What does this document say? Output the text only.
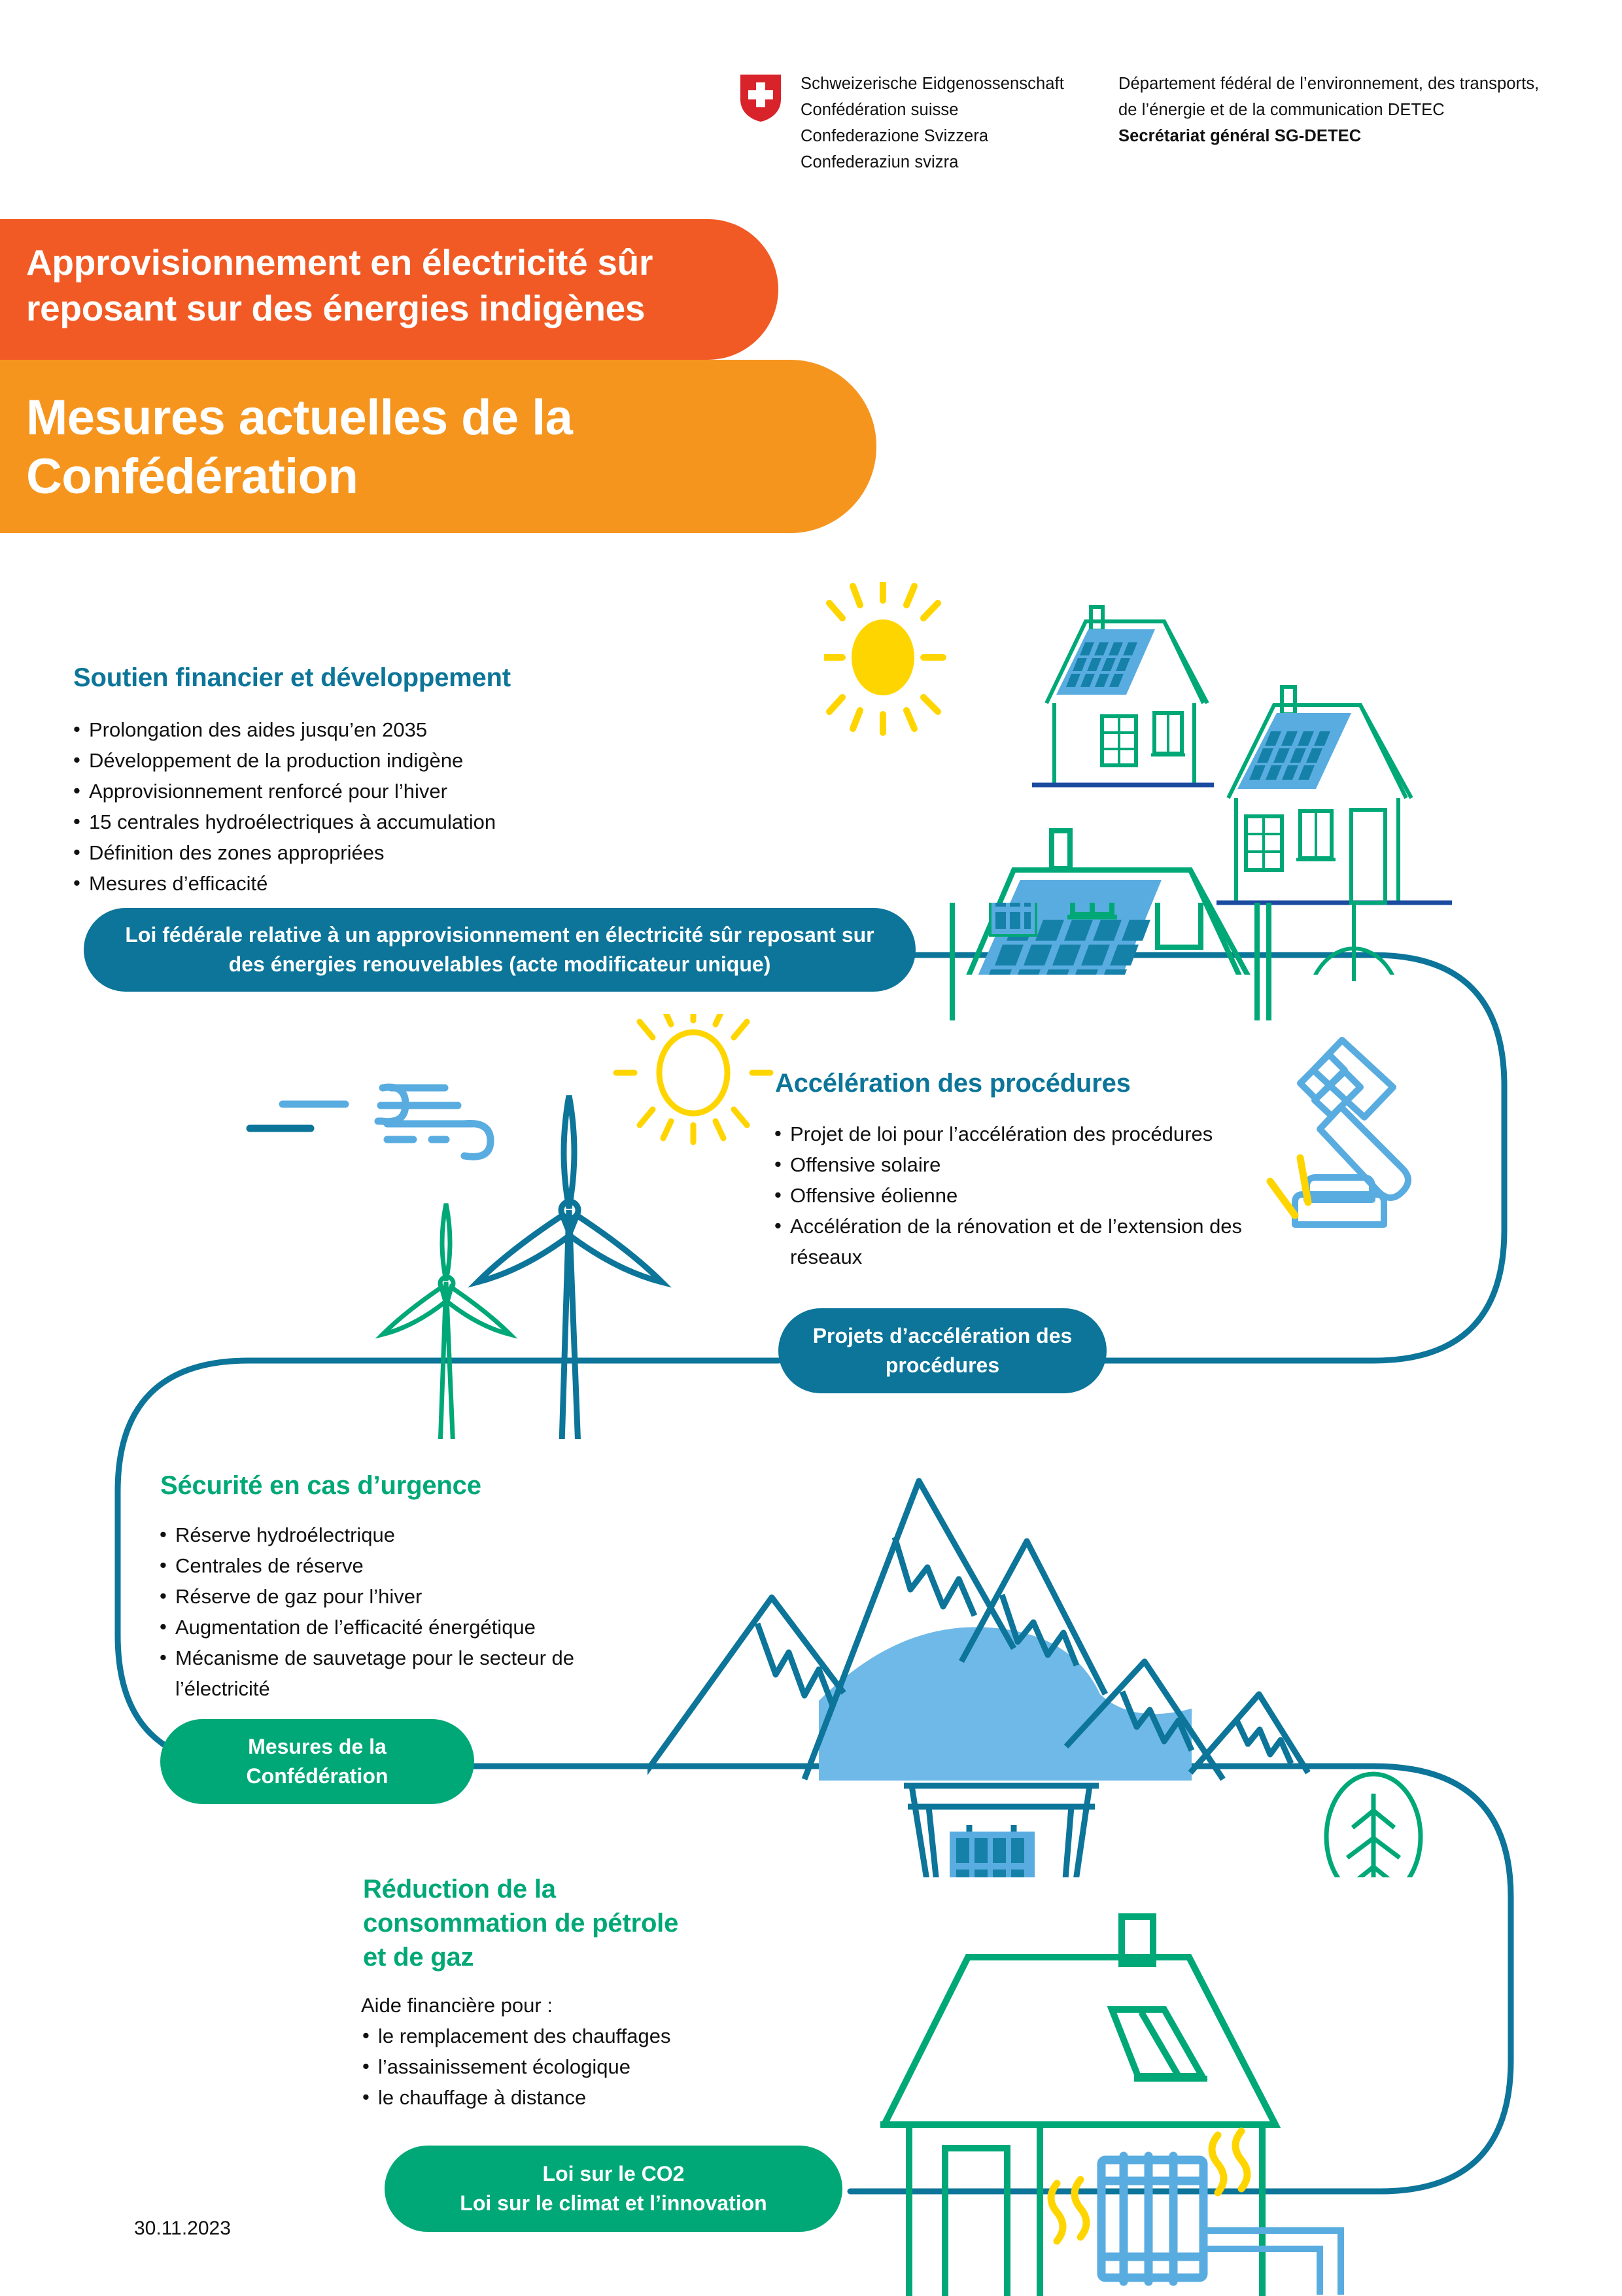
Schweizerische Eidgenossenschaft
Confédération suisse
Confederazione Svizzera
Confederaziun svizra
Département fédéral de l’environnement, des transports,
de l’énergie et de la communication DETEC
Secrétariat général SG-DETEC
Approvisionnement en électricité sûr reposant sur des énergies indigènes
Mesures actuelles de la Confédération
Soutien financier et développement
• Prolongation des aides jusqu’en 2035
• Développement de la production indigène
• Approvisionnement renforcé pour l’hiver
• 15 centrales hydroélectriques à accumulation
• Définition des zones appropriées
• Mesures d’efficacité
Loi fédérale relative à un approvisionnement en électricité sûr reposant sur des énergies renouvelables (acte modificateur unique)
Accélération des procédures
• Projet de loi pour l’accélération des procédures
• Offensive solaire
• Offensive éolienne
• Accélération de la rénovation et de l’extension des réseaux
Projets d’accélération des procédures
Sécurité en cas d’urgence
• Réserve hydroélectrique
• Centrales de réserve
• Réserve de gaz pour l’hiver
• Augmentation de l’efficacité énergétique
• Mécanisme de sauvetage pour le secteur de l’électricité
Mesures de la Confédération
Réduction de la consommation de pétrole et de gaz
Aide financière pour :
• le remplacement des chauffages
• l’assainissement écologique
• le chauffage à distance
Loi sur le CO2
Loi sur le climat et l’innovation
30.11.2023
